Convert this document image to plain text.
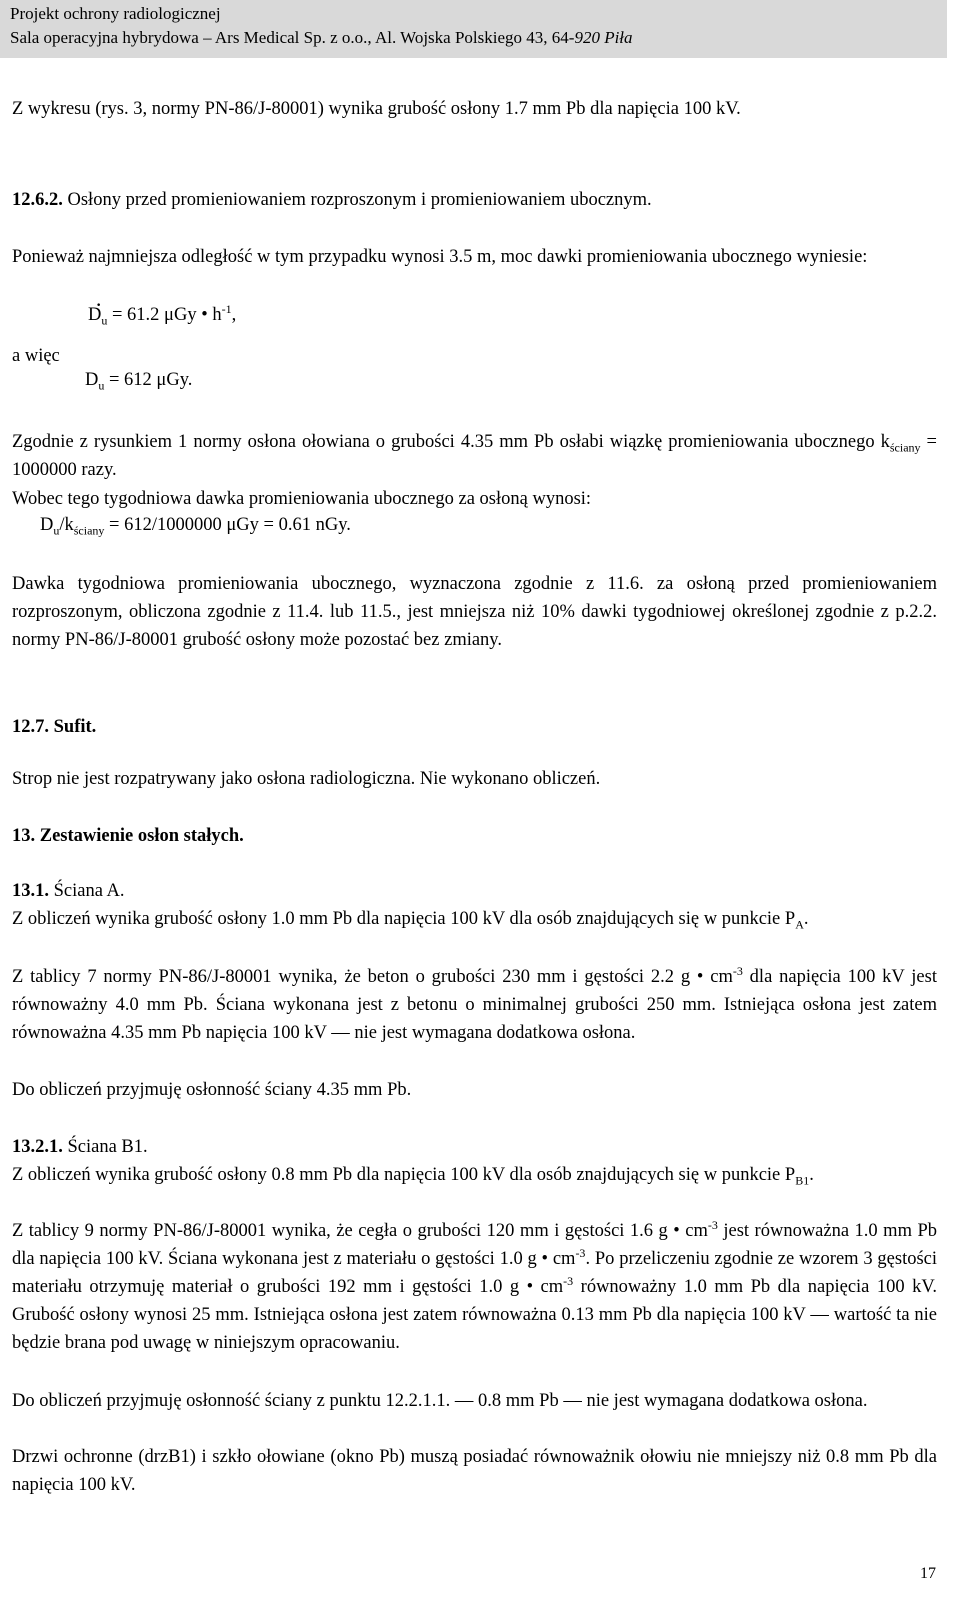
Projekt ochrony radiologicznej
Sala operacyjna hybrydowa – Ars Medical Sp. z o.o., Al. Wojska Polskiego 43, 64-920 Piła
Z wykresu (rys. 3, normy PN-86/J-80001) wynika grubość osłony 1.7 mm Pb dla napięcia 100 kV.
12.6.2. Osłony przed promieniowaniem rozproszonym i promieniowaniem ubocznym.
Ponieważ najmniejsza odległość w tym przypadku wynosi 3.5 m, moc dawki promieniowania ubocznego wyniesie:
· $D_u = 61.2$ μGy • $h^{-1}$,
a więc
$D_u = 612$ μGy.
Zgodnie z rysunkiem 1 normy osłona ołowiana o grubości 4.35 mm Pb osłabi wiązkę promieniowania ubocznego $k_{ściany} = 1000000$ razy.
Wobec tego tygodniowa dawka promieniowania ubocznego za osłoną wynosi:
$D_u/k_{ściany} = 612/1000000$ μGy = 0.61 nGy.
Dawka tygodniowa promieniowania ubocznego, wyznaczona zgodnie z 11.6. za osłoną przed promieniowaniem rozproszonym, obliczona zgodnie z 11.4. lub 11.5., jest mniejsza niż 10% dawki tygodniowej określonej zgodnie z p.2.2. normy PN-86/J-80001 grubość osłony może pozostać bez zmiany.
12.7. Sufit.
Strop nie jest rozpatrywany jako osłona radiologiczna. Nie wykonano obliczeń.
13. Zestawienie osłon stałych.
13.1. Ściana A.
Z obliczeń wynika grubość osłony 1.0 mm Pb dla napięcia 100 kV dla osób znajdujących się w punkcie $P_A$.
Z tablicy 7 normy PN-86/J-80001 wynika, że beton o grubości 230 mm i gęstości 2.2 g • $cm^{-3}$ dla napięcia 100 kV jest równoważny 4.0 mm Pb. Ściana wykonana jest z betonu o minimalnej grubości 250 mm. Istniejąca osłona jest zatem równoważna 4.35 mm Pb napięcia 100 kV — nie jest wymagana dodatkowa osłona.
Do obliczeń przyjmuję osłonność ściany 4.35 mm Pb.
13.2.1. Ściana B1.
Z obliczeń wynika grubość osłony 0.8 mm Pb dla napięcia 100 kV dla osób znajdujących się w punkcie $P_{B1}$.
Z tablicy 9 normy PN-86/J-80001 wynika, że cegła o grubości 120 mm i gęstości 1.6 g • $cm^{-3}$ jest równoważna 1.0 mm Pb dla napięcia 100 kV. Ściana wykonana jest z materiału o gęstości 1.0 g • $cm^{-3}$. Po przeliczeniu zgodnie ze wzorem 3 gęstości materiału otrzymuję materiał o grubości 192 mm i gęstości 1.0 g • $cm^{-3}$ równoważny 1.0 mm Pb dla napięcia 100 kV. Grubość osłony wynosi 25 mm. Istniejąca osłona jest zatem równoważna 0.13 mm Pb dla napięcia 100 kV — wartość ta nie będzie brana pod uwagę w niniejszym opracowaniu.
Do obliczeń przyjmuję osłonność ściany z punktu 12.2.1.1. — 0.8 mm Pb — nie jest wymagana dodatkowa osłona.
Drzwi ochronne (drzB1) i szkło ołowiane (okno Pb) muszą posiadać równoważnik ołowiu nie mniejszy niż 0.8 mm Pb dla napięcia 100 kV.
17
